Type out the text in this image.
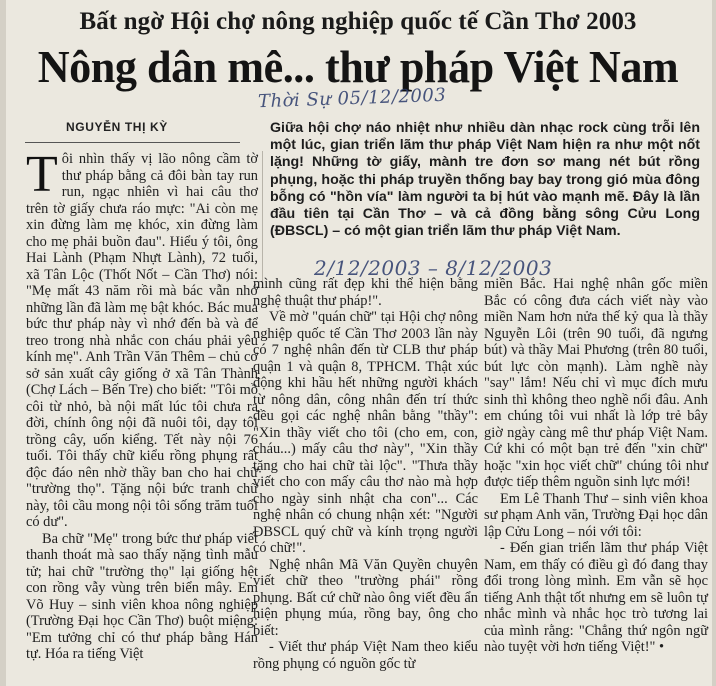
Bất ngờ Hội chợ nông nghiệp quốc tế Cần Thơ 2003
Nông dân mê... thư pháp Việt Nam
Thời Sự 05/12/2003
NGUYỄN THỊ KỲ	Giữa hội chợ náo nhiệt như nhiều dàn nhạc rock cùng trỗi lên một lúc, gian triển lãm thư pháp Việt Nam hiện ra như một nốt lặng! Những tờ giấy, mành tre đơn sơ mang nét bút rồng phụng, hoặc thi pháp truyền thống bay bay trong gió mùa đông bỗng có "hồn vía" làm người ta bị hút vào mạnh mẽ. Đây là lần đầu tiên tại Cần Thơ – và cả đồng bằng sông Cửu Long (ĐBSCL) – có một gian triển lãm thư pháp Việt Nam.
2/12/2003 – 8/12/2003

Tôi nhìn thấy vị lão nông cầm tờ thư pháp bằng cả đôi bàn tay run run, ngạc nhiên vì hai câu thơ trên tờ giấy chưa ráo mực: "Ai còn mẹ xin đừng làm mẹ khóc, xin đừng làm cho mẹ phải buồn đau". Hiểu ý tôi, ông Hai Lành (Phạm Nhựt Lành), 72 tuổi, xã Tân Lộc (Thốt Nốt – Cần Thơ) nói: "Mẹ mất 43 năm rồi mà bác vẫn nhớ những lần đã làm mẹ bật khóc. Bác mua bức thư pháp này vì nhớ đến bà và để treo trong nhà nhắc con cháu phải yêu kính mẹ". Anh Trần Văn Thêm – chủ cơ sở sản xuất cây giống ở xã Tân Thành (Chợ Lách – Bến Tre) cho biết: "Tôi mồ côi từ nhỏ, bà nội mất lúc tôi chưa ra đời, chính ông nội đã nuôi tôi, dạy tôi trồng cây, uốn kiểng. Tết này nội 76 tuổi. Tôi thấy chữ kiểu rồng phụng rất độc đáo nên nhờ thầy ban cho hai chữ "trường thọ". Tặng nội bức tranh chữ này, tôi cầu mong nội tôi sống trăm tuổi có dư".

Ba chữ "Mẹ" trong bức thư pháp viết thanh thoát mà sao thấy nặng tình mẫu tử; hai chữ "trường thọ" lại giống hệt con rồng vẫy vùng trên biển mây. Em Võ Huy – sinh viên khoa nông nghiệp (Trường Đại học Cần Thơ) buột miệng: "Em tưởng chỉ có thư pháp bằng Hán tự. Hóa ra tiếng Việt

mình cũng rất đẹp khi thể hiện bằng nghệ thuật thư pháp!".

Về mờ "quán chữ" tại Hội chợ nông nghiệp quốc tế Cần Thơ 2003 lần này có 7 nghệ nhân đến từ CLB thư pháp quận 1 và quận 8, TPHCM. Thật xúc động khi hầu hết những người khách từ nông dân, công nhân đến trí thức đều gọi các nghệ nhân bằng "thầy": "Xin thầy viết cho tôi (cho em, con, cháu...) mấy câu thơ này", "Xin thầy tặng cho hai chữ tài lộc". "Thưa thầy viết cho con mấy câu thơ nào mà hợp cho ngày sinh nhật cha con"... Các nghệ nhân có chung nhận xét: "Người ĐBSCL quý chữ và kính trọng người có chữ!".

Nghệ nhân Mã Văn Quyền chuyên viết chữ theo "trường phái" rồng phụng. Bất cứ chữ nào ông viết đều ẩn hiện phụng múa, rồng bay, ông cho biết:

- Viết thư pháp Việt Nam theo kiểu rồng phụng có nguồn gốc từ

miền Bắc. Hai nghệ nhân gốc miền Bắc có công đưa cách viết này vào miền Nam hơn nửa thế kỷ qua là thầy Nguyễn Lôi (trên 90 tuổi, đã ngưng bút) và thầy Mai Phương (trên 80 tuổi, bút lực còn mạnh). Làm nghề này "say" lắm! Nếu chỉ vì mục đích mưu sinh thì không theo nghề nổi đâu. Anh em chúng tôi vui nhất là lớp trẻ bây giờ ngày càng mê thư pháp Việt Nam. Cứ khi có một bạn trẻ đến "xin chữ" hoặc "xin học viết chữ" chúng tôi như được tiếp thêm nguồn sinh lực mới!

Em Lê Thanh Thư – sinh viên khoa sư phạm Anh văn, Trường Đại học dân lập Cửu Long – nói với tôi:

- Đến gian triển lãm thư pháp Việt Nam, em thấy có điều gì đó đang thay đổi trong lòng mình. Em vẫn sẽ học tiếng Anh thật tốt nhưng em sẽ luôn tự nhắc mình và nhắc học trò tương lai của mình rằng: "Chẳng thứ ngôn ngữ nào tuyệt vời hơn tiếng Việt!" •
